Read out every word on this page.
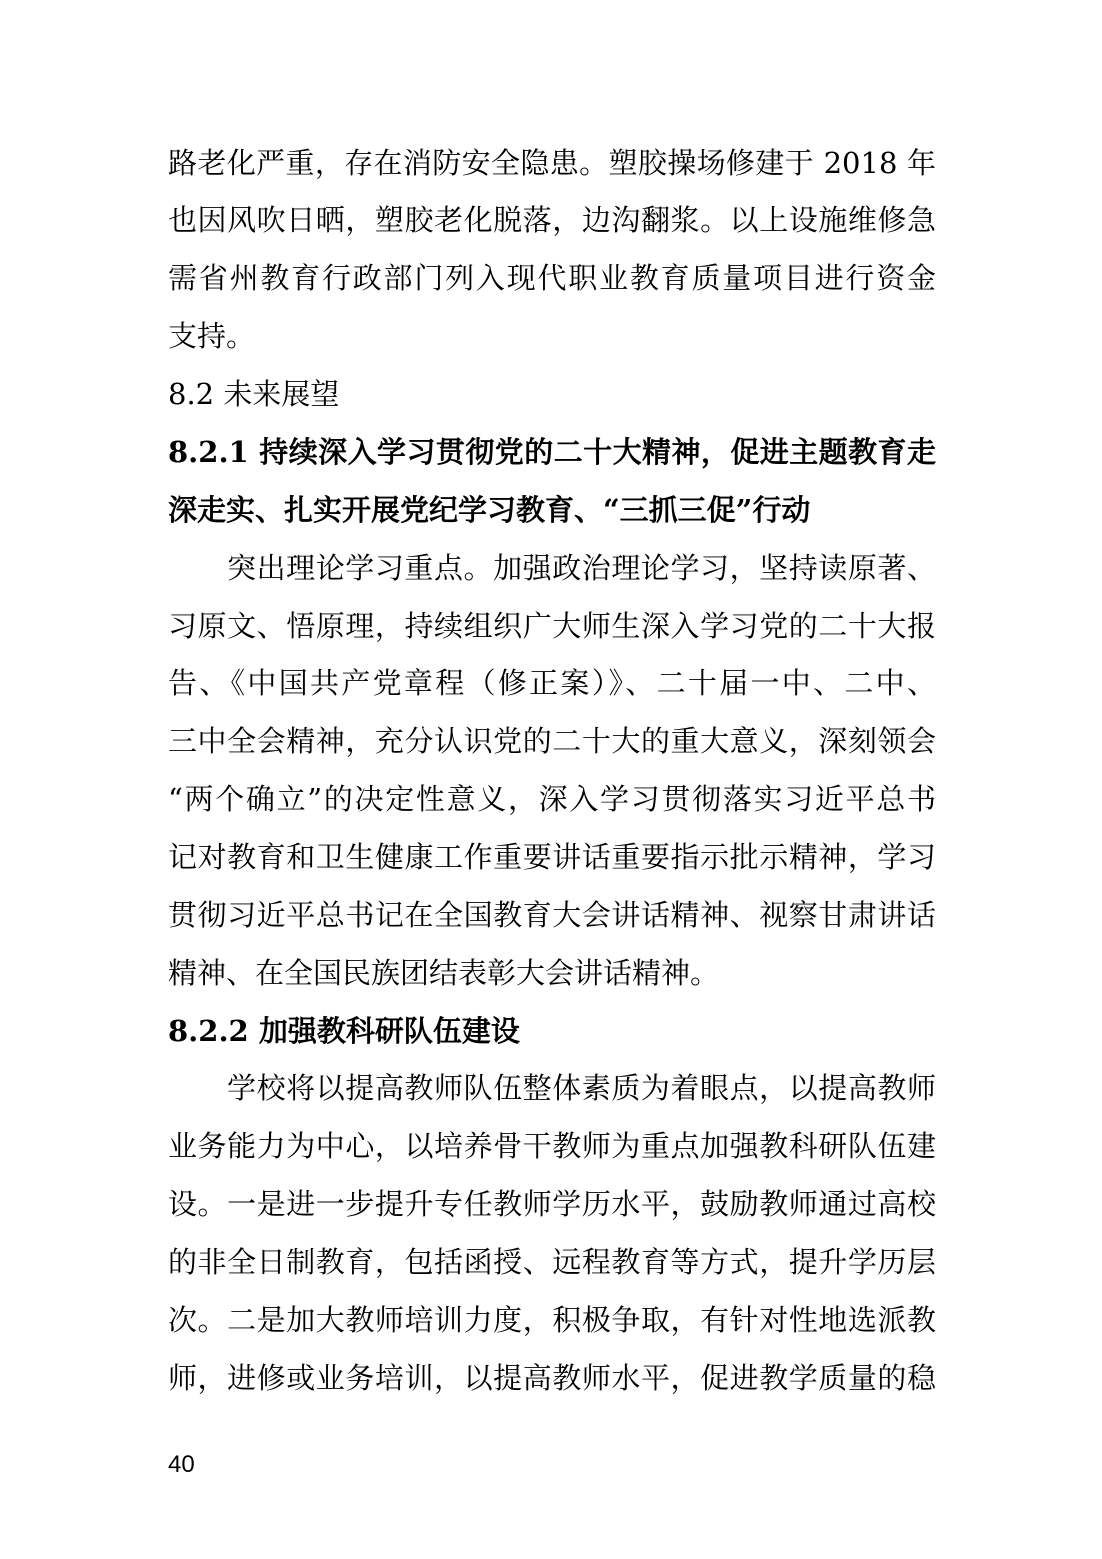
路老化严重，存在消防安全隐患。塑胶操场修建于 2018 年
也因风吹日晒，塑胶老化脱落，边沟翻浆。以上设施维修急
需省州教育行政部门列入现代职业教育质量项目进行资金
支持。
8.2 未来展望
8.2.1 持续深入学习贯彻党的二十大精神，促进主题教育走
深走实、扎实开展党纪学习教育、“三抓三促”行动
突出理论学习重点。加强政治理论学习，坚持读原著、
习原文、悟原理，持续组织广大师生深入学习党的二十大报
告、《中国共产党章程（修正案）》、二十届一中、二中、
三中全会精神，充分认识党的二十大的重大意义，深刻领会
“两个确立”的决定性意义，深入学习贯彻落实习近平总书
记对教育和卫生健康工作重要讲话重要指示批示精神，学习
贯彻习近平总书记在全国教育大会讲话精神、视察甘肃讲话
精神、在全国民族团结表彰大会讲话精神。
8.2.2 加强教科研队伍建设
学校将以提高教师队伍整体素质为着眼点，以提高教师
业务能力为中心，以培养骨干教师为重点加强教科研队伍建
设。一是进一步提升专任教师学历水平，鼓励教师通过高校
的非全日制教育，包括函授、远程教育等方式，提升学历层
次。二是加大教师培训力度，积极争取，有针对性地选派教
师，进修或业务培训，以提高教师水平，促进教学质量的稳
40
